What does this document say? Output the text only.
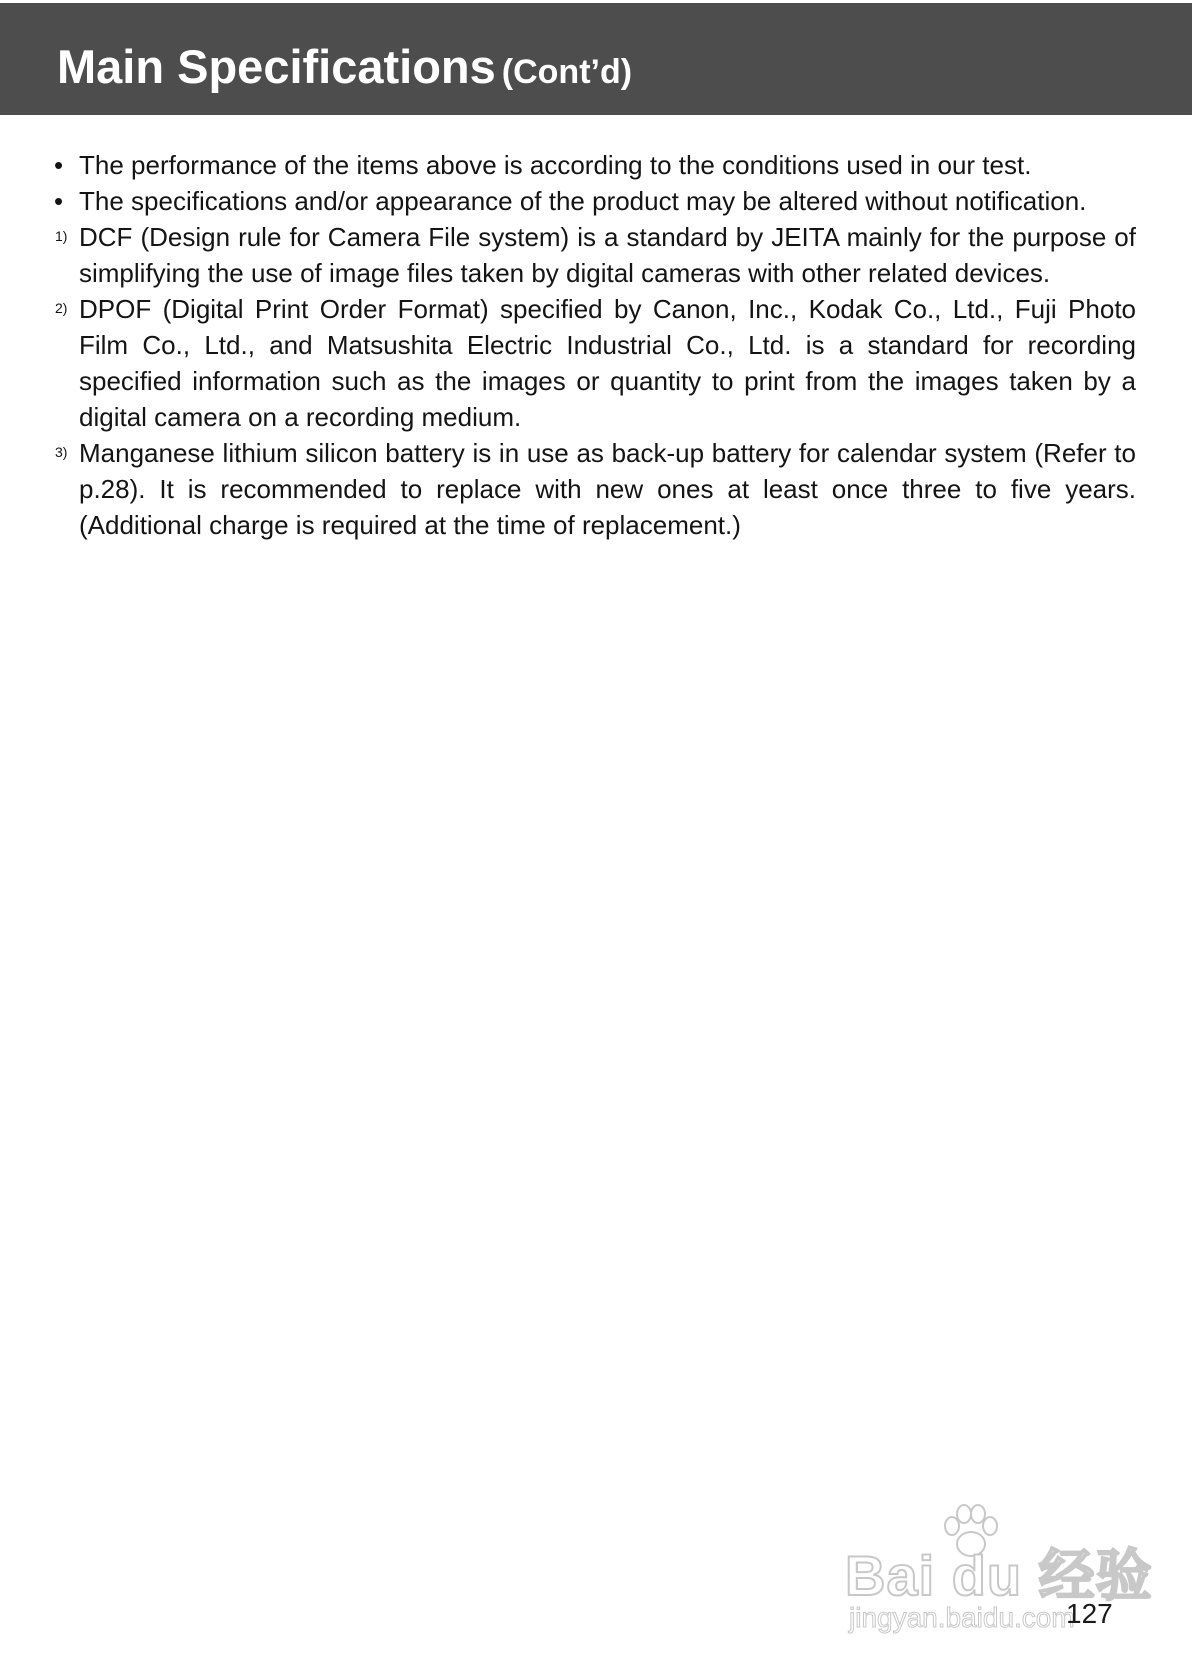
Main Specifications (Cont’d)
• The performance of the items above is according to the conditions used in our test.
• The specifications and/or appearance of the product may be altered without notification.
1) DCF (Design rule for Camera File system) is a standard by JEITA mainly for the purpose of simplifying the use of image files taken by digital cameras with other related devices.
2) DPOF (Digital Print Order Format) specified by Canon, Inc., Kodak Co., Ltd., Fuji Photo Film Co., Ltd., and Matsushita Electric Industrial Co., Ltd. is a standard for recording specified information such as the images or quantity to print from the images taken by a digital camera on a recording medium.
3) Manganese lithium silicon battery is in use as back-up battery for calendar system (Refer to p.28). It is recommended to replace with new ones at least once three to five years. (Additional charge is required at the time of replacement.)
Bai du 经验
jingyan.baidu.com
127
